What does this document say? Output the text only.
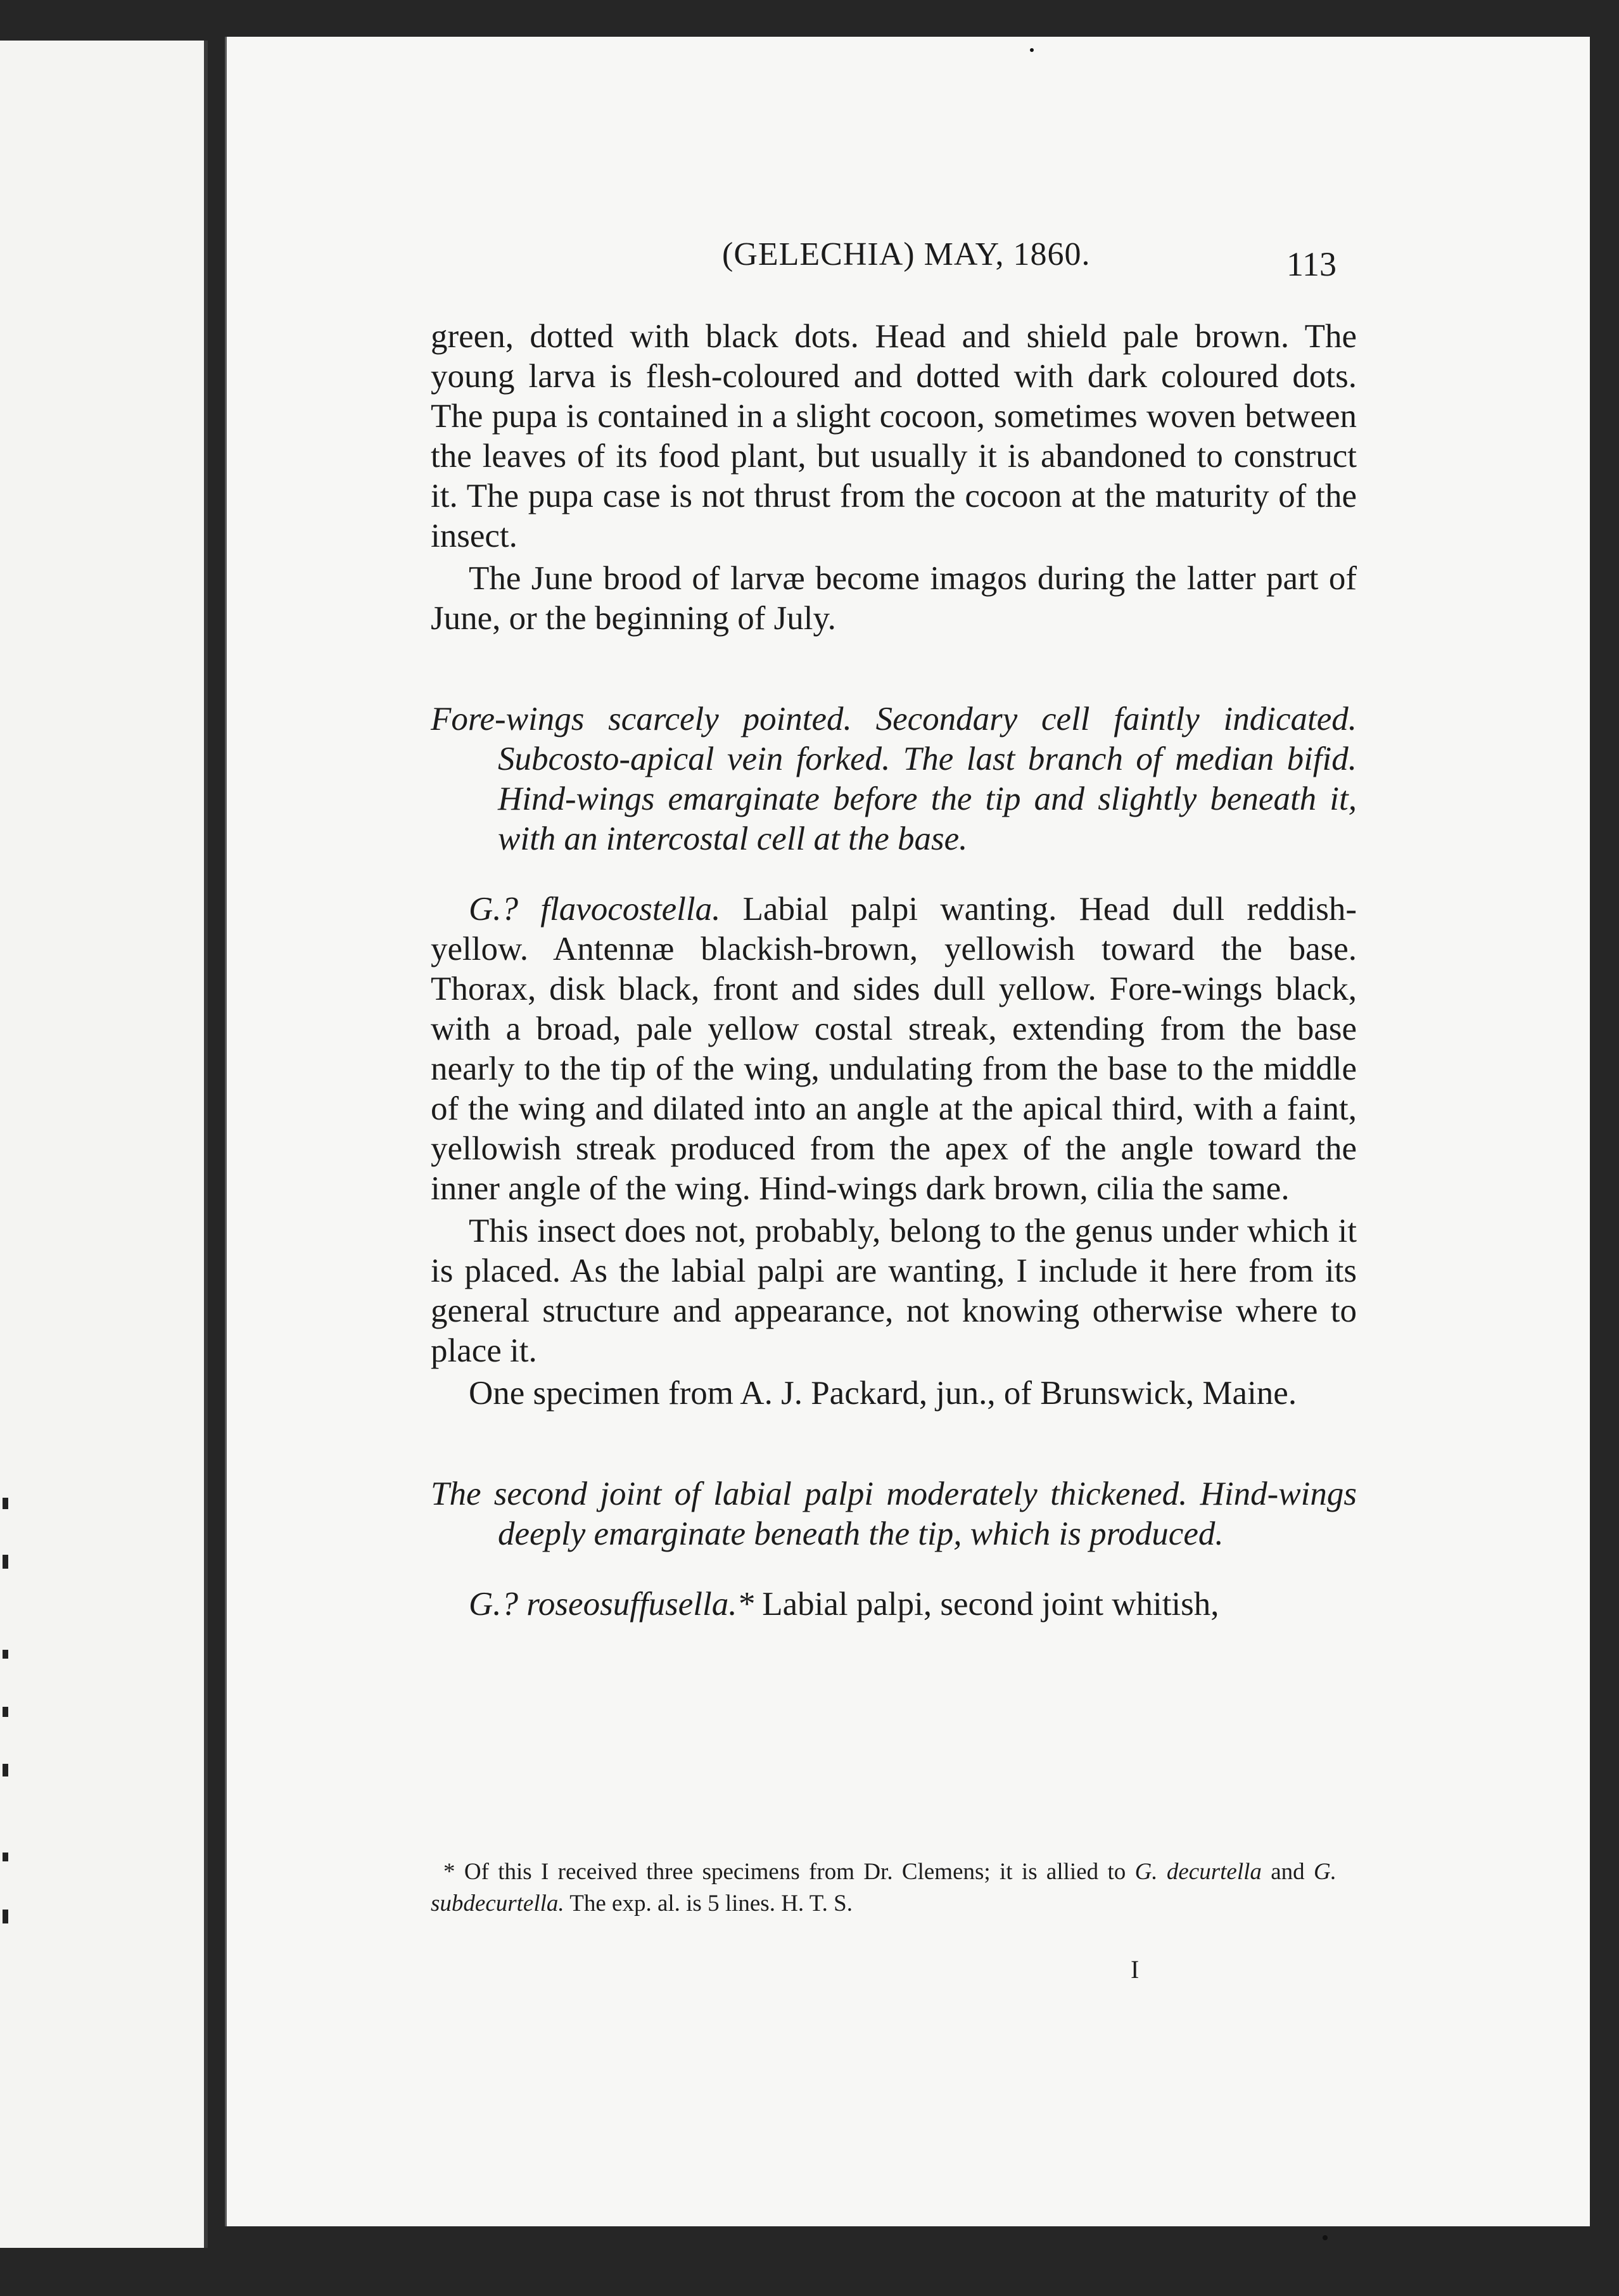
(GELECHIA) MAY, 1860.	113

green, dotted with black dots. Head and shield pale brown. The young larva is flesh-coloured and dotted with dark coloured dots. The pupa is contained in a slight cocoon, sometimes woven between the leaves of its food plant, but usually it is abandoned to construct it. The pupa case is not thrust from the cocoon at the maturity of the insect.

The June brood of larvæ become imagos during the latter part of June, or the beginning of July.

Fore-wings scarcely pointed. Secondary cell faintly indicated. Subcosto-apical vein forked. The last branch of median bifid. Hind-wings emarginate before the tip and slightly beneath it, with an intercostal cell at the base.

G.? flavocostella. Labial palpi wanting. Head dull reddish-yellow. Antennæ blackish-brown, yellowish toward the base. Thorax, disk black, front and sides dull yellow. Fore-wings black, with a broad, pale yellow costal streak, extending from the base nearly to the tip of the wing, undulating from the base to the middle of the wing and dilated into an angle at the apical third, with a faint, yellowish streak produced from the apex of the angle toward the inner angle of the wing. Hind-wings dark brown, cilia the same.

This insect does not, probably, belong to the genus under which it is placed. As the labial palpi are wanting, I include it here from its general structure and appearance, not knowing otherwise where to place it.

One specimen from A. J. Packard, jun., of Brunswick, Maine.

The second joint of labial palpi moderately thickened. Hind-wings deeply emarginate beneath the tip, which is produced.

G.? roseosuffusella.* Labial palpi, second joint whitish,

* Of this I received three specimens from Dr. Clemens; it is allied to G. decurtella and G. subdecurtella. The exp. al. is 5 lines. H. T. S.

I
